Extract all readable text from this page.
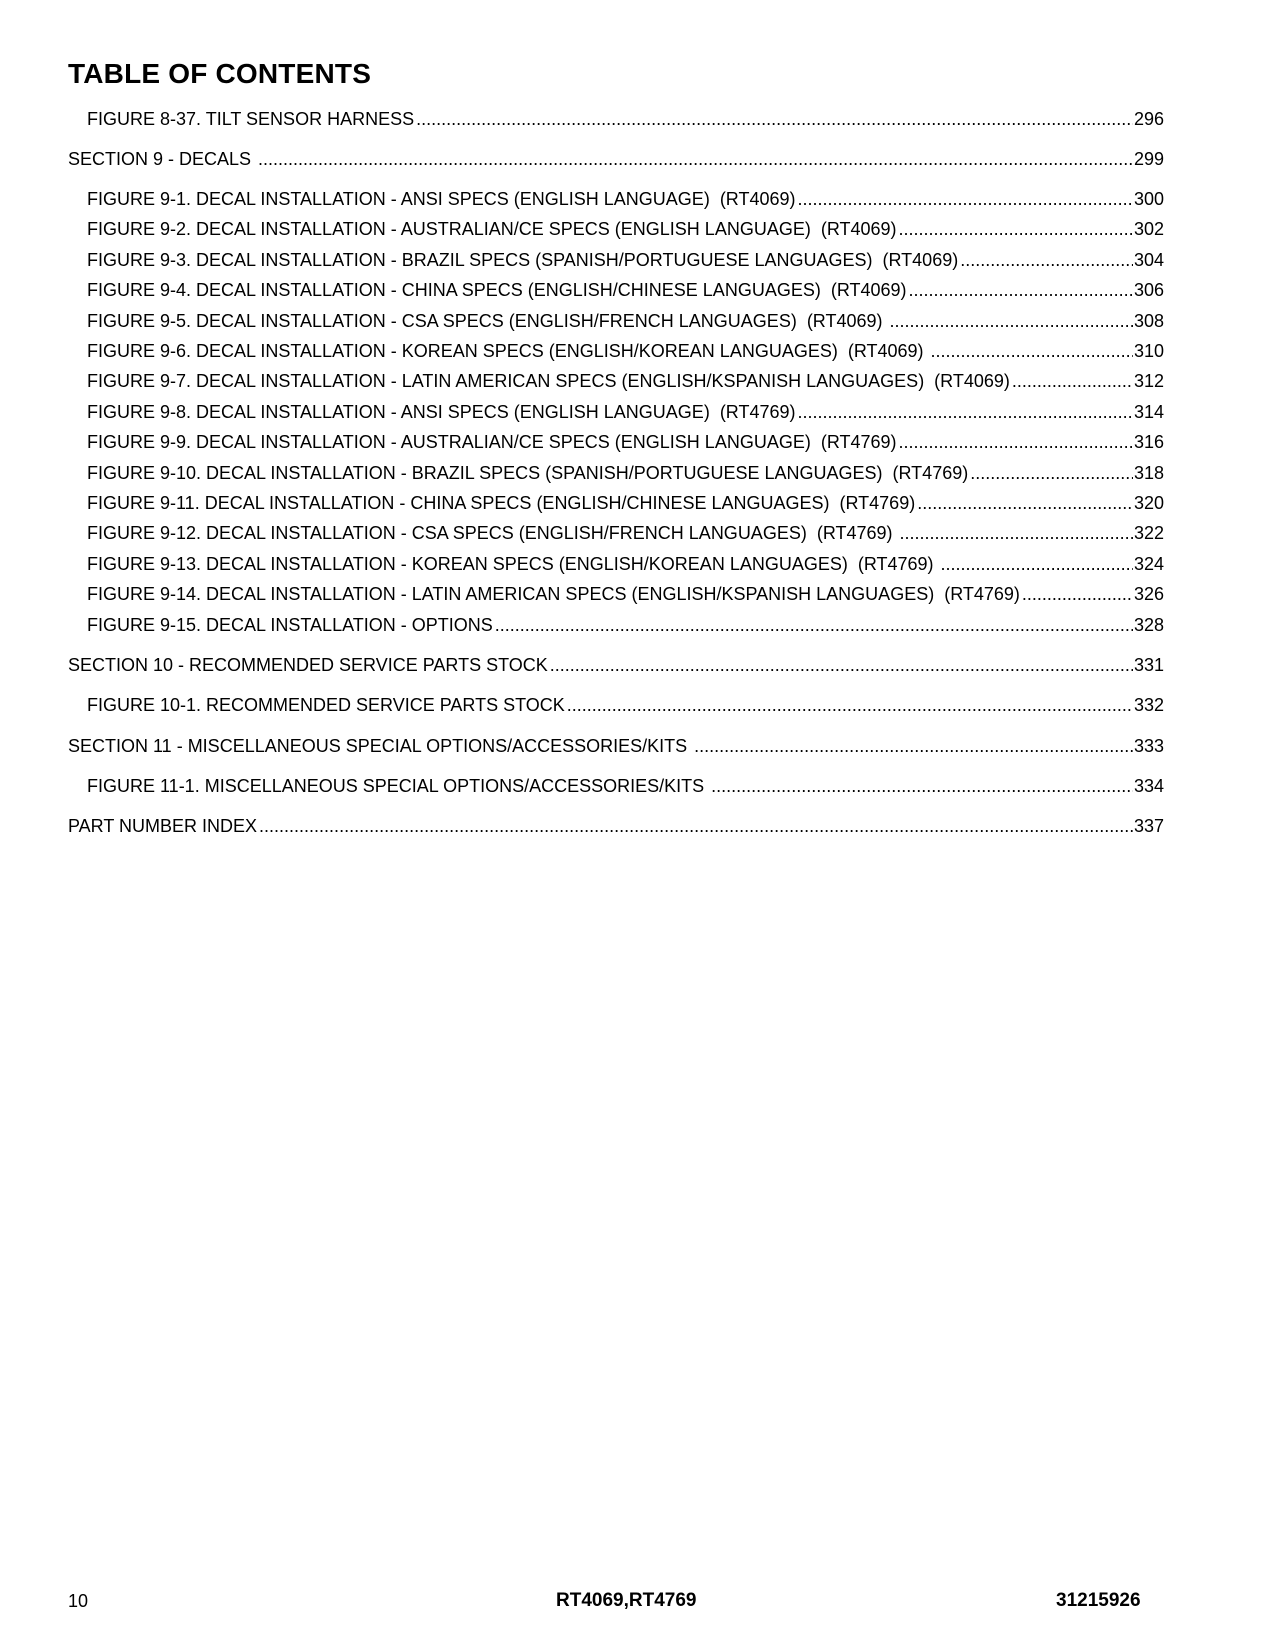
TABLE OF CONTENTS
FIGURE 8-37. TILT SENSOR HARNESS .....	296
SECTION 9 - DECALS .....	299
FIGURE 9-1. DECAL INSTALLATION - ANSI SPECS (ENGLISH LANGUAGE)  (RT4069) .....	300
FIGURE 9-2. DECAL INSTALLATION - AUSTRALIAN/CE SPECS (ENGLISH LANGUAGE)  (RT4069) .....	302
FIGURE 9-3. DECAL INSTALLATION - BRAZIL SPECS (SPANISH/PORTUGUESE LANGUAGES)  (RT4069) .....	304
FIGURE 9-4. DECAL INSTALLATION - CHINA SPECS (ENGLISH/CHINESE LANGUAGES)  (RT4069) .....	306
FIGURE 9-5. DECAL INSTALLATION - CSA SPECS (ENGLISH/FRENCH LANGUAGES)  (RT4069) .....	308
FIGURE 9-6. DECAL INSTALLATION - KOREAN SPECS (ENGLISH/KOREAN LANGUAGES)  (RT4069) .....	310
FIGURE 9-7. DECAL INSTALLATION - LATIN AMERICAN SPECS (ENGLISH/KSPANISH LANGUAGES)  (RT4069) .....	312
FIGURE 9-8. DECAL INSTALLATION - ANSI SPECS (ENGLISH LANGUAGE)  (RT4769) .....	314
FIGURE 9-9. DECAL INSTALLATION - AUSTRALIAN/CE SPECS (ENGLISH LANGUAGE)  (RT4769) .....	316
FIGURE 9-10. DECAL INSTALLATION - BRAZIL SPECS (SPANISH/PORTUGUESE LANGUAGES)  (RT4769) .....	318
FIGURE 9-11. DECAL INSTALLATION - CHINA SPECS (ENGLISH/CHINESE LANGUAGES)  (RT4769) .....	320
FIGURE 9-12. DECAL INSTALLATION - CSA SPECS (ENGLISH/FRENCH LANGUAGES)  (RT4769) .....	322
FIGURE 9-13. DECAL INSTALLATION - KOREAN SPECS (ENGLISH/KOREAN LANGUAGES)  (RT4769) .....	324
FIGURE 9-14. DECAL INSTALLATION - LATIN AMERICAN SPECS (ENGLISH/KSPANISH LANGUAGES)  (RT4769) .....	326
FIGURE 9-15. DECAL INSTALLATION - OPTIONS .....	328
SECTION 10 - RECOMMENDED SERVICE PARTS STOCK .....	331
FIGURE 10-1. RECOMMENDED SERVICE PARTS STOCK .....	332
SECTION 11 - MISCELLANEOUS SPECIAL OPTIONS/ACCESSORIES/KITS .....	333
FIGURE 11-1. MISCELLANEOUS SPECIAL OPTIONS/ACCESSORIES/KITS .....	334
PART NUMBER INDEX .....	337
10	RT4069,RT4769	31215926
